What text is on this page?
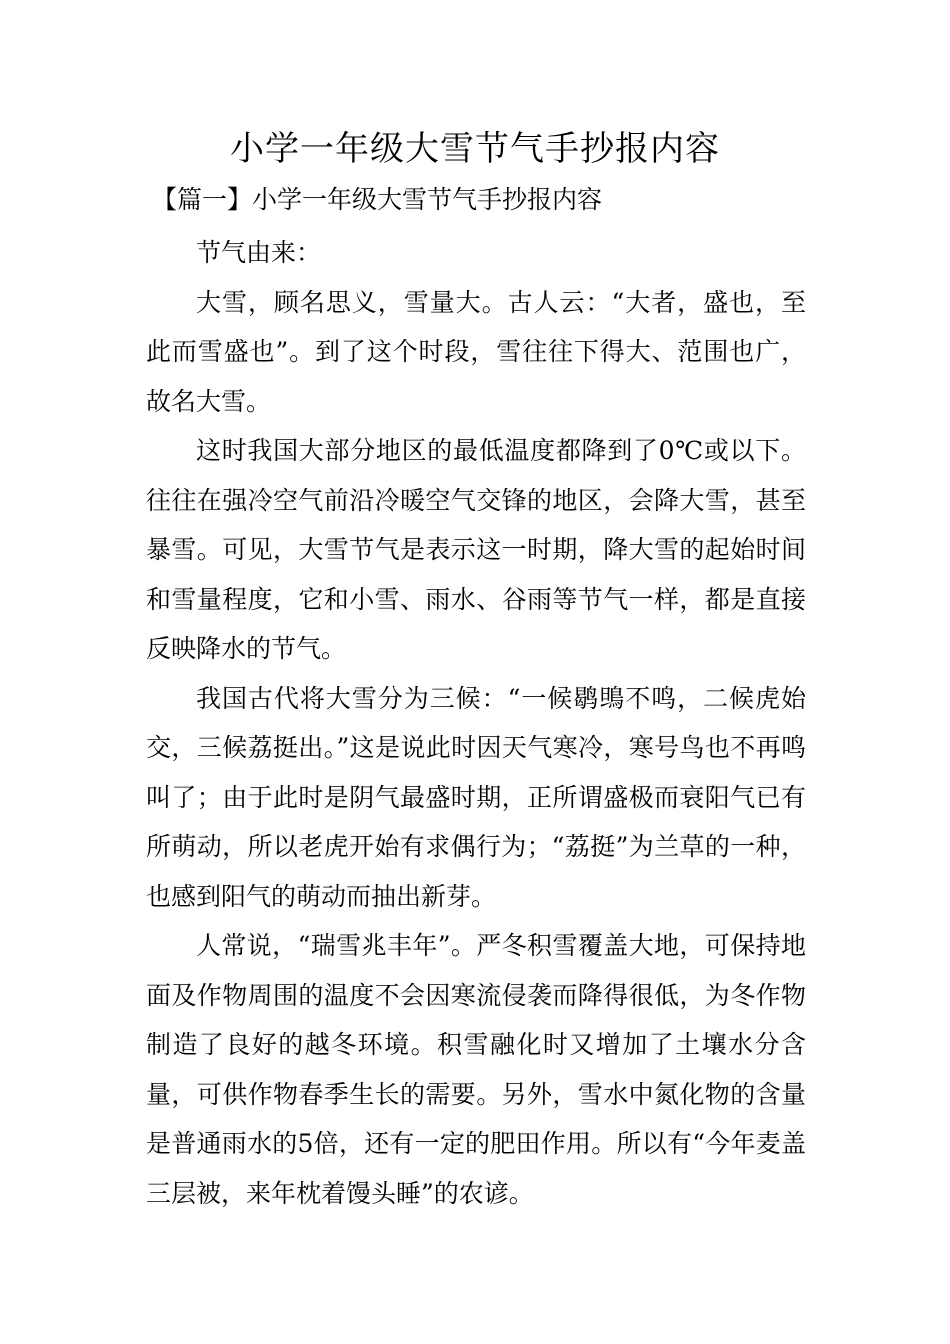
小学一年级大雪节气手抄报内容

【篇一】小学一年级大雪节气手抄报内容

节气由来：

大雪，顾名思义，雪量大。古人云：“大者，盛也，至此而雪盛也”。到了这个时段，雪往往下得大、范围也广，故名大雪。

这时我国大部分地区的最低温度都降到了0℃或以下。往往在强冷空气前沿冷暖空气交锋的地区，会降大雪，甚至暴雪。可见，大雪节气是表示这一时期，降大雪的起始时间和雪量程度，它和小雪、雨水、谷雨等节气一样，都是直接反映降水的节气。

我国古代将大雪分为三候：“一候鹖鴠不鸣，二候虎始交，三候荔挺出。”这是说此时因天气寒冷，寒号鸟也不再鸣叫了；由于此时是阴气最盛时期，正所谓盛极而衰阳气已有所萌动，所以老虎开始有求偶行为；“荔挺”为兰草的一种，也感到阳气的萌动而抽出新芽。

人常说，“瑞雪兆丰年”。严冬积雪覆盖大地，可保持地面及作物周围的温度不会因寒流侵袭而降得很低，为冬作物制造了良好的越冬环境。积雪融化时又增加了土壤水分含量，可供作物春季生长的需要。另外，雪水中氮化物的含量是普通雨水的5倍，还有一定的肥田作用。所以有“今年麦盖三层被，来年枕着馒头睡”的农谚。
